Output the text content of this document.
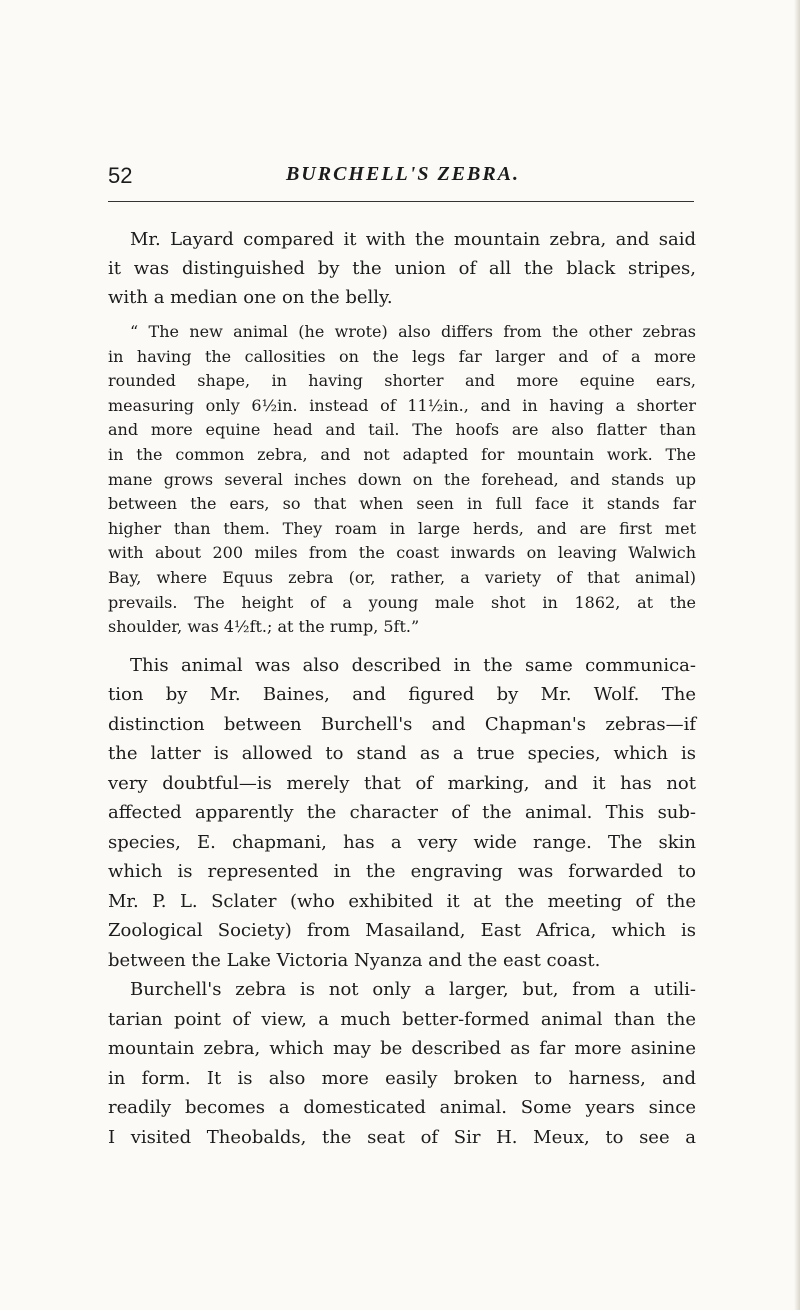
52	BURCHELL'S ZEBRA.
Mr. Layard compared it with the mountain zebra, and said
it was distinguished by the union of all the black stripes,
with a median one on the belly.
“ The new animal (he wrote) also differs from the other zebras
in having the callosities on the legs far larger and of a more
rounded shape, in having shorter and more equine ears,
measuring only 6½in. instead of 11½in., and in having a shorter
and more equine head and tail. The hoofs are also flatter than
in the common zebra, and not adapted for mountain work. The
mane grows several inches down on the forehead, and stands up
between the ears, so that when seen in full face it stands far
higher than them. They roam in large herds, and are first met
with about 200 miles from the coast inwards on leaving Walwich
Bay, where Equus zebra (or, rather, a variety of that animal)
prevails. The height of a young male shot in 1862, at the
shoulder, was 4½ft.; at the rump, 5ft.”
This animal was also described in the same communica-
tion by Mr. Baines, and figured by Mr. Wolf. The
distinction between Burchell's and Chapman's zebras—if
the latter is allowed to stand as a true species, which is
very doubtful—is merely that of marking, and it has not
affected apparently the character of the animal. This sub-
species, E. chapmani, has a very wide range. The skin
which is represented in the engraving was forwarded to
Mr. P. L. Sclater (who exhibited it at the meeting of the
Zoological Society) from Masailand, East Africa, which is
between the Lake Victoria Nyanza and the east coast.
Burchell's zebra is not only a larger, but, from a utili-
tarian point of view, a much better-formed animal than the
mountain zebra, which may be described as far more asinine
in form. It is also more easily broken to harness, and
readily becomes a domesticated animal. Some years since
I visited Theobalds, the seat of Sir H. Meux, to see a
